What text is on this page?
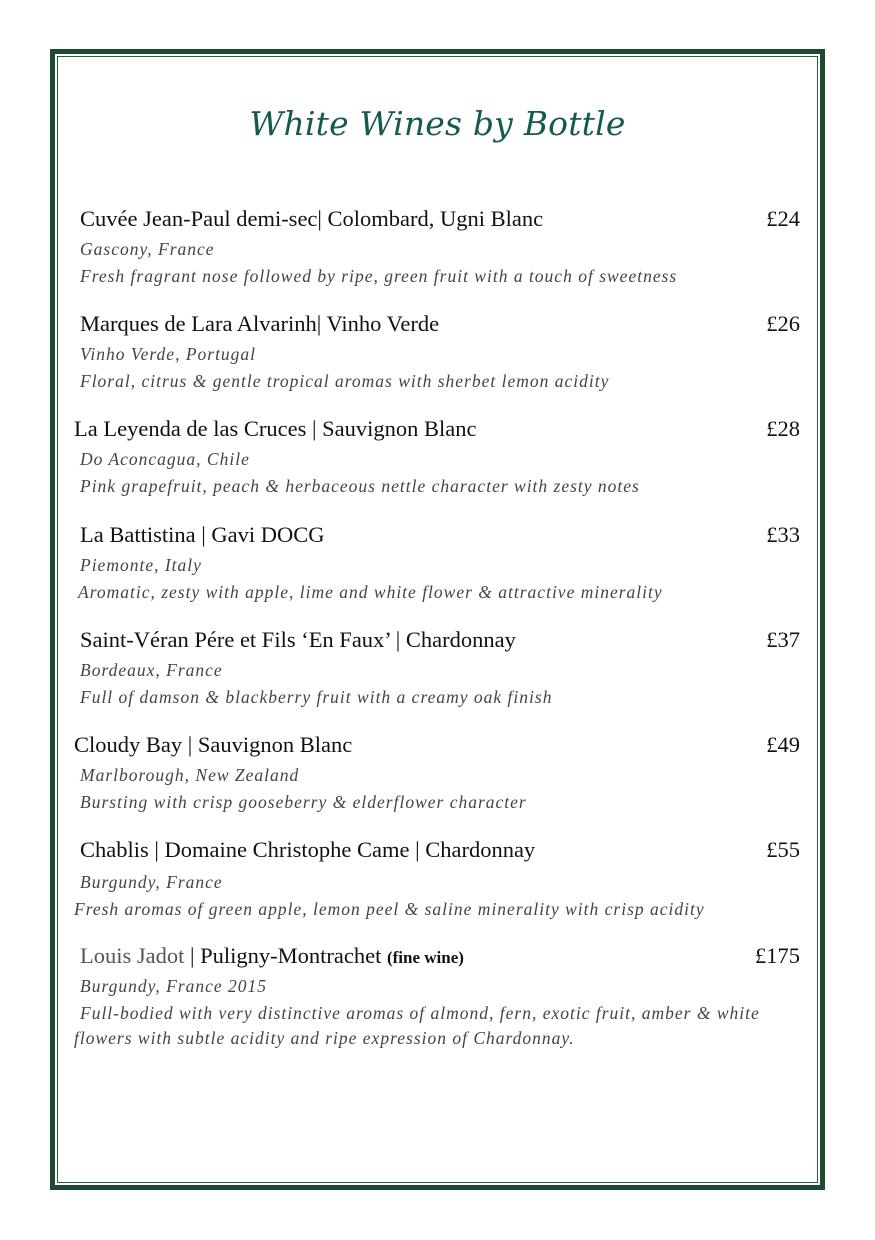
White Wines by Bottle
Cuvée Jean-Paul demi-sec| Colombard, Ugni Blanc	£24
Gascony, France
Fresh fragrant nose followed by ripe, green fruit with a touch of sweetness
Marques de Lara Alvarinh| Vinho Verde	£26
Vinho Verde, Portugal
Floral, citrus & gentle tropical aromas with sherbet lemon acidity
La Leyenda de las Cruces | Sauvignon Blanc	£28
Do Aconcagua, Chile
Pink grapefruit, peach & herbaceous nettle character with zesty notes
La Battistina | Gavi DOCG	£33
Piemonte, Italy
Aromatic, zesty with apple, lime and white flower & attractive minerality
Saint-Véran Pére et Fils ‘En Faux’ | Chardonnay	£37
Bordeaux, France
Full of damson & blackberry fruit with a creamy oak finish
Cloudy Bay | Sauvignon Blanc	£49
Marlborough, New Zealand
Bursting with crisp gooseberry & elderflower character
Chablis | Domaine Christophe Came | Chardonnay	£55
Burgundy, France
Fresh aromas of green apple, lemon peel & saline minerality with crisp acidity
Louis Jadot | Puligny-Montrachet (fine wine)	£175
Burgundy, France 2015
Full-bodied with very distinctive aromas of almond, fern, exotic fruit, amber & white flowers with subtle acidity and ripe expression of Chardonnay.
